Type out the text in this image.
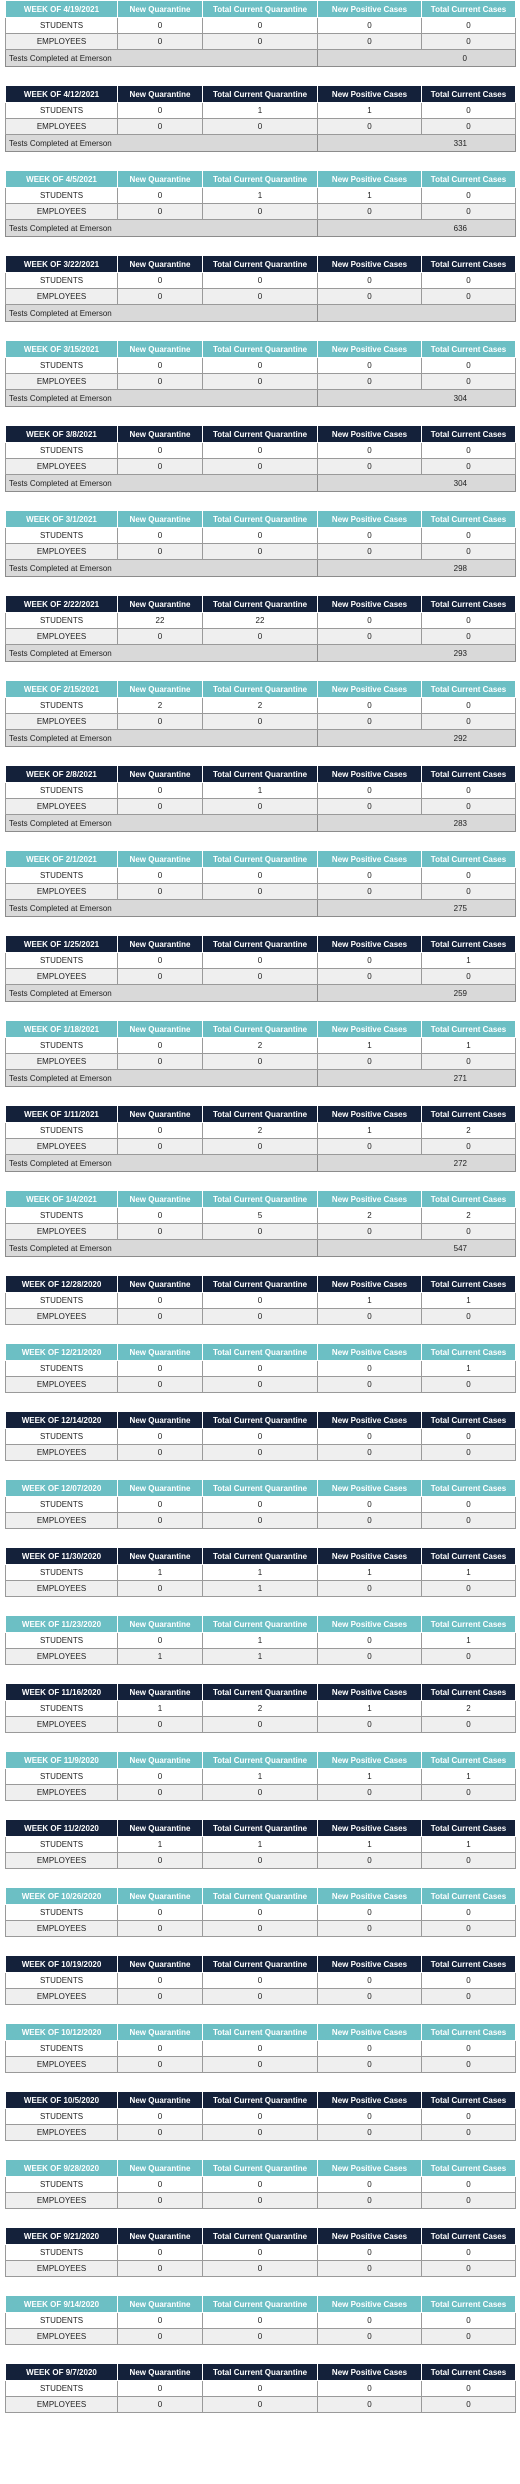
WEEK OF 4/19/2021	New Quarantine	Total Current Quarantine	New Positive Cases	Total Current Cases
STUDENTS	0	0	0	0
EMPLOYEES	0	0	0	0
Tests Completed at Emerson			0	
WEEK OF 4/12/2021	New Quarantine	Total Current Quarantine	New Positive Cases	Total Current Cases
STUDENTS	0	1	1	0
EMPLOYEES	0	0	0	0
Tests Completed at Emerson			331	
WEEK OF 4/5/2021	New Quarantine	Total Current Quarantine	New Positive Cases	Total Current Cases
STUDENTS	0	1	1	0
EMPLOYEES	0	0	0	0
Tests Completed at Emerson			636	
WEEK OF 3/22/2021	New Quarantine	Total Current Quarantine	New Positive Cases	Total Current Cases
STUDENTS	0	0	0	0
EMPLOYEES	0	0	0	0
Tests Completed at Emerson				
WEEK OF 3/15/2021	New Quarantine	Total Current Quarantine	New Positive Cases	Total Current Cases
STUDENTS	0	0	0	0
EMPLOYEES	0	0	0	0
Tests Completed at Emerson			304	
WEEK OF 3/8/2021	New Quarantine	Total Current Quarantine	New Positive Cases	Total Current Cases
STUDENTS	0	0	0	0
EMPLOYEES	0	0	0	0
Tests Completed at Emerson			304	
WEEK OF 3/1/2021	New Quarantine	Total Current Quarantine	New Positive Cases	Total Current Cases
STUDENTS	0	0	0	0
EMPLOYEES	0	0	0	0
Tests Completed at Emerson			298	
WEEK OF 2/22/2021	New Quarantine	Total Current Quarantine	New Positive Cases	Total Current Cases
STUDENTS	22	22	0	0
EMPLOYEES	0	0	0	0
Tests Completed at Emerson			293	
WEEK OF 2/15/2021	New Quarantine	Total Current Quarantine	New Positive Cases	Total Current Cases
STUDENTS	2	2	0	0
EMPLOYEES	0	0	0	0
Tests Completed at Emerson			292	
WEEK OF 2/8/2021	New Quarantine	Total Current Quarantine	New Positive Cases	Total Current Cases
STUDENTS	0	1	0	0
EMPLOYEES	0	0	0	0
Tests Completed at Emerson			283	
WEEK OF 2/1/2021	New Quarantine	Total Current Quarantine	New Positive Cases	Total Current Cases
STUDENTS	0	0	0	0
EMPLOYEES	0	0	0	0
Tests Completed at Emerson			275	
WEEK OF 1/25/2021	New Quarantine	Total Current Quarantine	New Positive Cases	Total Current Cases
STUDENTS	0	0	0	1
EMPLOYEES	0	0	0	0
Tests Completed at Emerson			259	
WEEK OF 1/18/2021	New Quarantine	Total Current Quarantine	New Positive Cases	Total Current Cases
STUDENTS	0	2	1	1
EMPLOYEES	0	0	0	0
Tests Completed at Emerson			271	
WEEK OF 1/11/2021	New Quarantine	Total Current Quarantine	New Positive Cases	Total Current Cases
STUDENTS	0	2	1	2
EMPLOYEES	0	0	0	0
Tests Completed at Emerson			272	
WEEK OF 1/4/2021	New Quarantine	Total Current Quarantine	New Positive Cases	Total Current Cases
STUDENTS	0	5	2	2
EMPLOYEES	0	0	0	0
Tests Completed at Emerson			547	
WEEK OF 12/28/2020	New Quarantine	Total Current Quarantine	New Positive Cases	Total Current Cases
STUDENTS	0	0	1	1
EMPLOYEES	0	0	0	0
WEEK OF 12/21/2020	New Quarantine	Total Current Quarantine	New Positive Cases	Total Current Cases
STUDENTS	0	0	0	1
EMPLOYEES	0	0	0	0
WEEK OF 12/14/2020	New Quarantine	Total Current Quarantine	New Positive Cases	Total Current Cases
STUDENTS	0	0	0	0
EMPLOYEES	0	0	0	0
WEEK OF 12/07/2020	New Quarantine	Total Current Quarantine	New Positive Cases	Total Current Cases
STUDENTS	0	0	0	0
EMPLOYEES	0	0	0	0
WEEK OF 11/30/2020	New Quarantine	Total Current Quarantine	New Positive Cases	Total Current Cases
STUDENTS	1	1	1	1
EMPLOYEES	0	1	0	0
WEEK OF 11/23/2020	New Quarantine	Total Current Quarantine	New Positive Cases	Total Current Cases
STUDENTS	0	1	0	1
EMPLOYEES	1	1	0	0
WEEK OF 11/16/2020	New Quarantine	Total Current Quarantine	New Positive Cases	Total Current Cases
STUDENTS	1	2	1	2
EMPLOYEES	0	0	0	0
WEEK OF 11/9/2020	New Quarantine	Total Current Quarantine	New Positive Cases	Total Current Cases
STUDENTS	0	1	1	1
EMPLOYEES	0	0	0	0
WEEK OF 11/2/2020	New Quarantine	Total Current Quarantine	New Positive Cases	Total Current Cases
STUDENTS	1	1	1	1
EMPLOYEES	0	0	0	0
WEEK OF 10/26/2020	New Quarantine	Total Current Quarantine	New Positive Cases	Total Current Cases
STUDENTS	0	0	0	0
EMPLOYEES	0	0	0	0
WEEK OF 10/19/2020	New Quarantine	Total Current Quarantine	New Positive Cases	Total Current Cases
STUDENTS	0	0	0	0
EMPLOYEES	0	0	0	0
WEEK OF 10/12/2020	New Quarantine	Total Current Quarantine	New Positive Cases	Total Current Cases
STUDENTS	0	0	0	0
EMPLOYEES	0	0	0	0
WEEK OF 10/5/2020	New Quarantine	Total Current Quarantine	New Positive Cases	Total Current Cases
STUDENTS	0	0	0	0
EMPLOYEES	0	0	0	0
WEEK OF 9/28/2020	New Quarantine	Total Current Quarantine	New Positive Cases	Total Current Cases
STUDENTS	0	0	0	0
EMPLOYEES	0	0	0	0
WEEK OF 9/21/2020	New Quarantine	Total Current Quarantine	New Positive Cases	Total Current Cases
STUDENTS	0	0	0	0
EMPLOYEES	0	0	0	0
WEEK OF 9/14/2020	New Quarantine	Total Current Quarantine	New Positive Cases	Total Current Cases
STUDENTS	0	0	0	0
EMPLOYEES	0	0	0	0
WEEK OF 9/7/2020	New Quarantine	Total Current Quarantine	New Positive Cases	Total Current Cases
STUDENTS	0	0	0	0
EMPLOYEES	0	0	0	0
